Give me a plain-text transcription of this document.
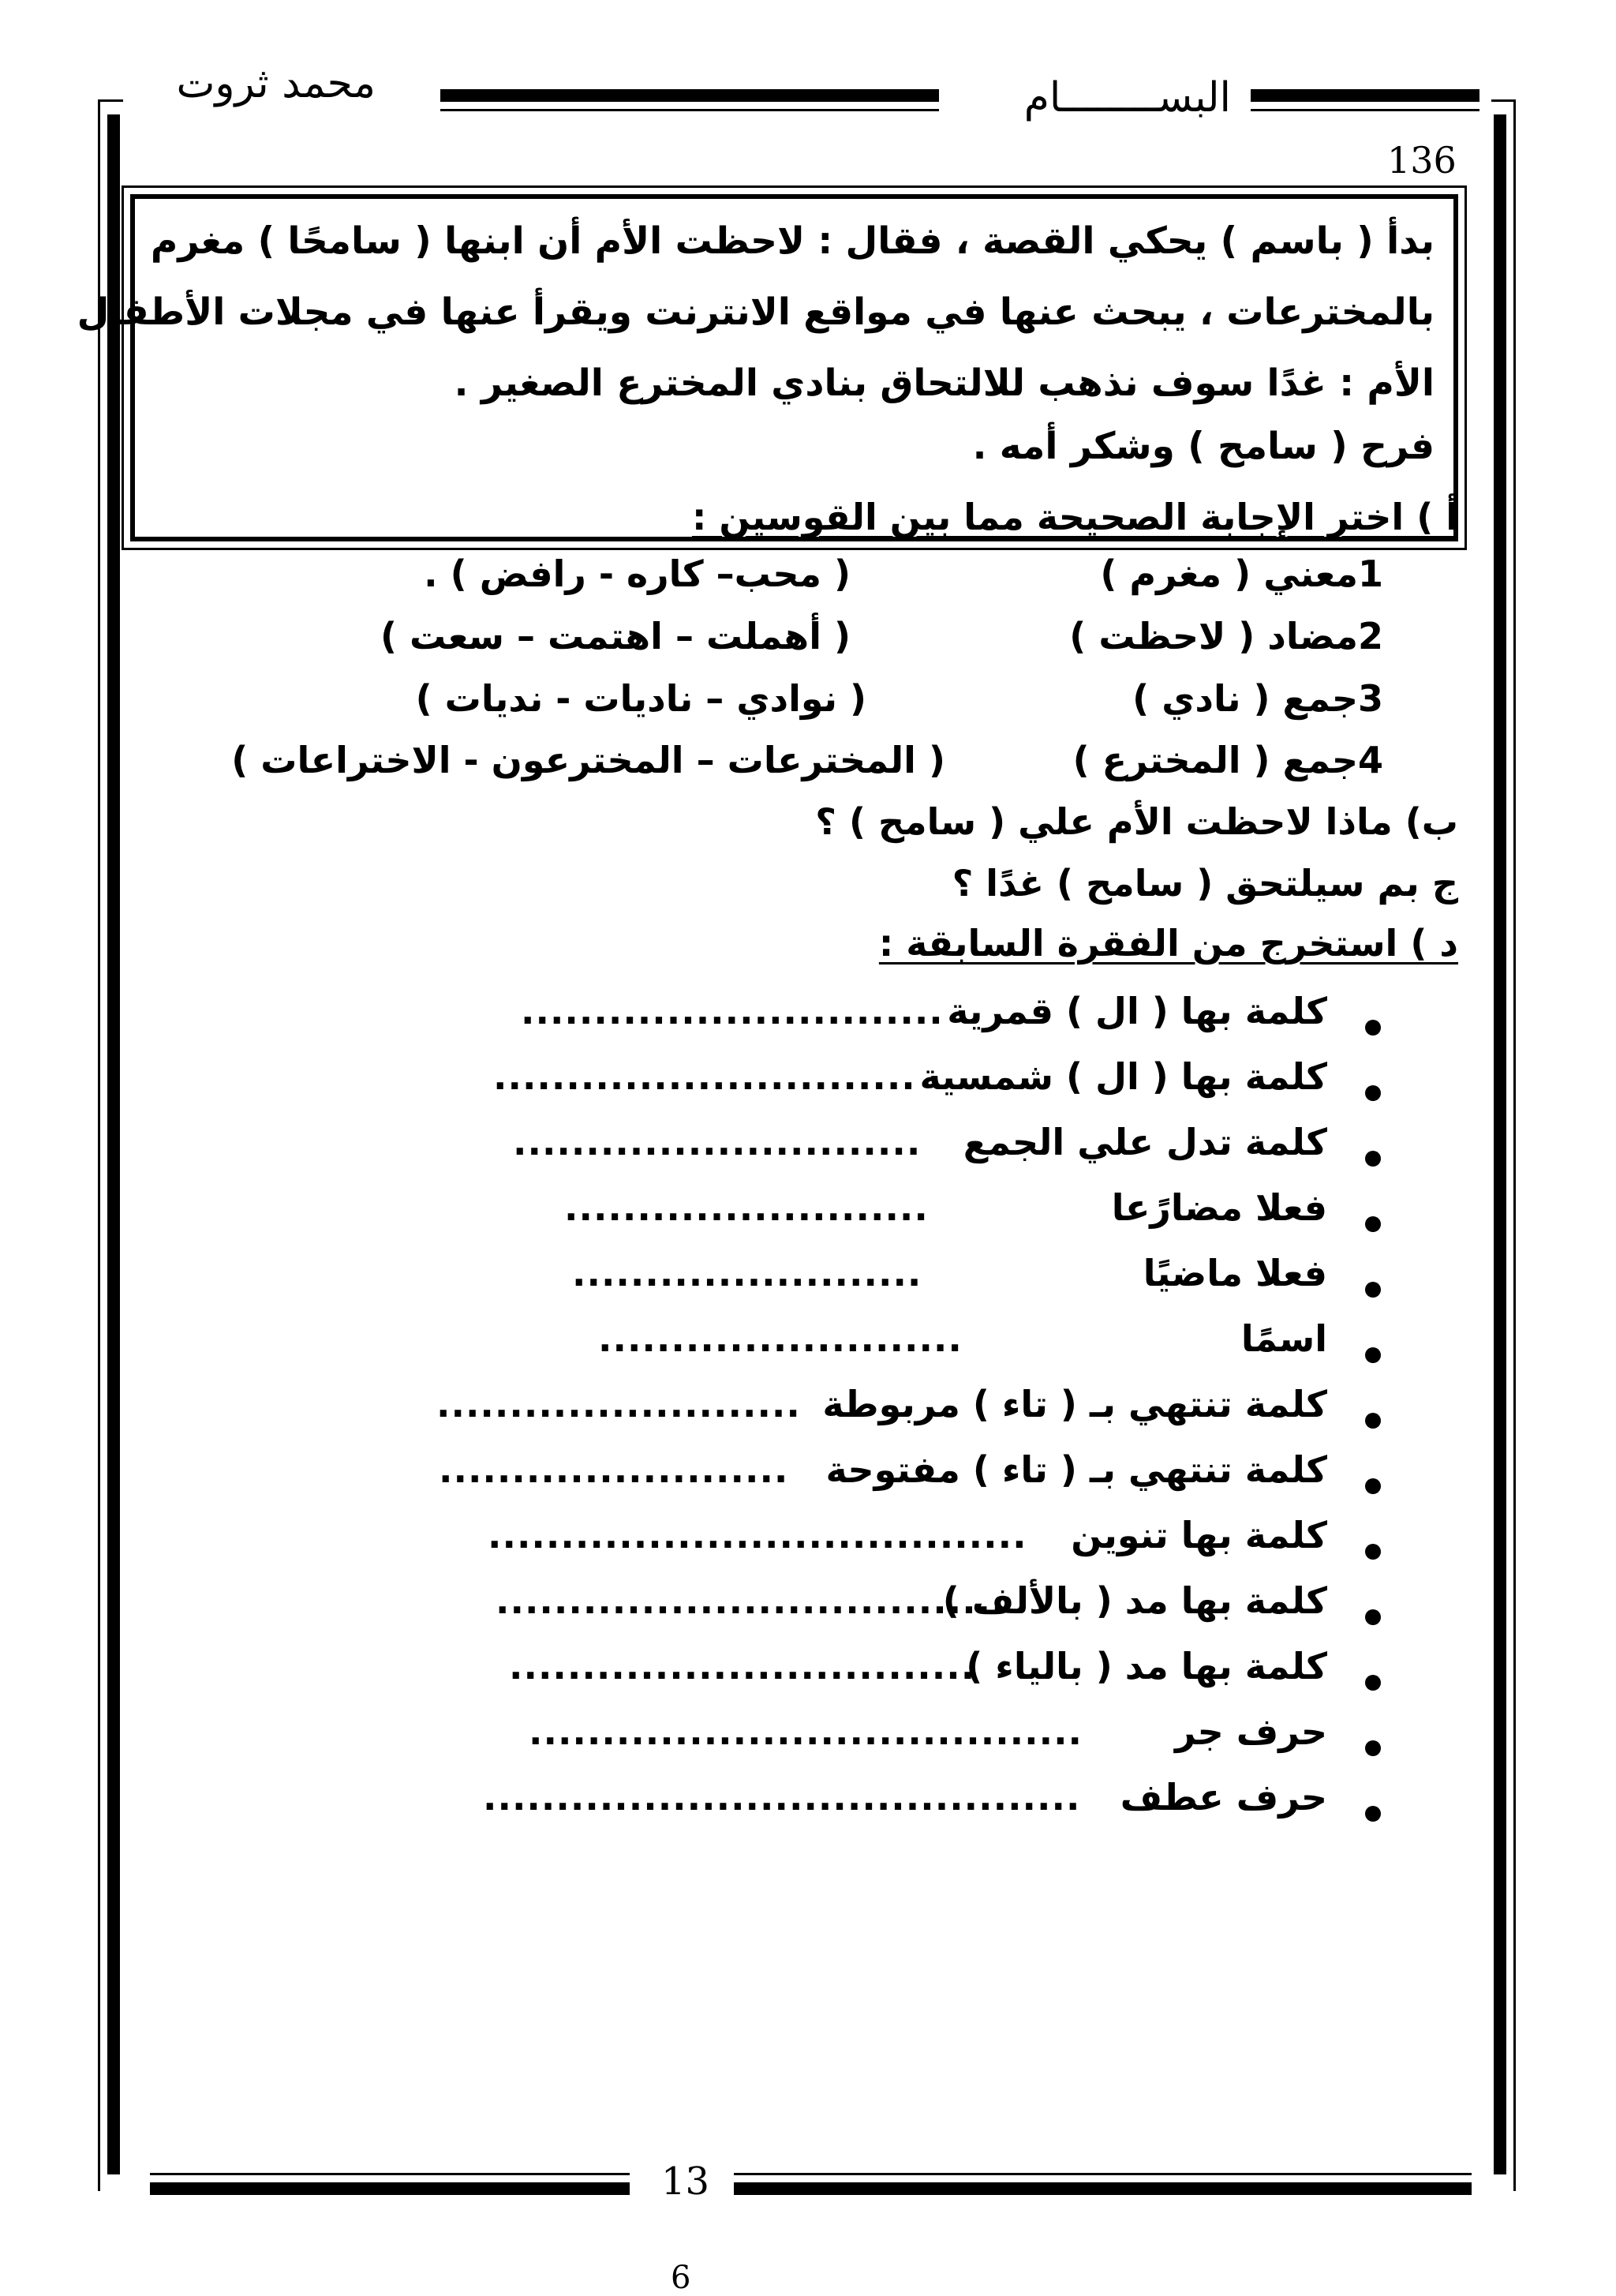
محمد ثروت	البســــــــام
136
13
6
بدأ ( باسم ) يحكي القصة ، فقال : لاحظت الأم أن ابنها ( سامحًا ) مغرم
بالمخترعات ، يبحث عنها في مواقع الانترنت ويقرأ عنها في مجلات الأطفال
الأم : غدًا سوف نذهب للالتحاق بنادي المخترع الصغير .
فرح ( سامح ) وشكر أمه .
أ ) اختر الإجابة الصحيحة مما بين القوسين :
1معني ( مغرم )
( محب– كاره - رافض ) .
2مضاد ( لاحظت )
( أهملت – اهتمت – سعت )
3جمع ( نادي )
( نوادي – ناديات - نديات )
4جمع ( المخترع )
( المخترعات – المخترعون - الاختراعات )
ب) ماذا لاحظت الأم علي ( سامح ) ؟
ج بم سيلتحق ( سامح ) غدًا ؟
د ) استخرج من الفقرة السابقة :
كلمة بها ( ال ) قمرية
.............................
كلمة بها ( ال ) شمسية
.............................
كلمة تدل علي الجمع
............................
فعلا مضارًعا
.........................
فعلا ماضيًا
........................
اسمًا
.........................
كلمة تنتهي بـ ( تاء ) مربوطة
.........................
كلمة تنتهي بـ ( تاء ) مفتوحة
........................
كلمة بها تنوين
.....................................
كلمة بها مد ( بالألف )
...................................
كلمة بها مد ( بالياء )
................................
حرف جر
......................................
حرف عطف
.........................................
